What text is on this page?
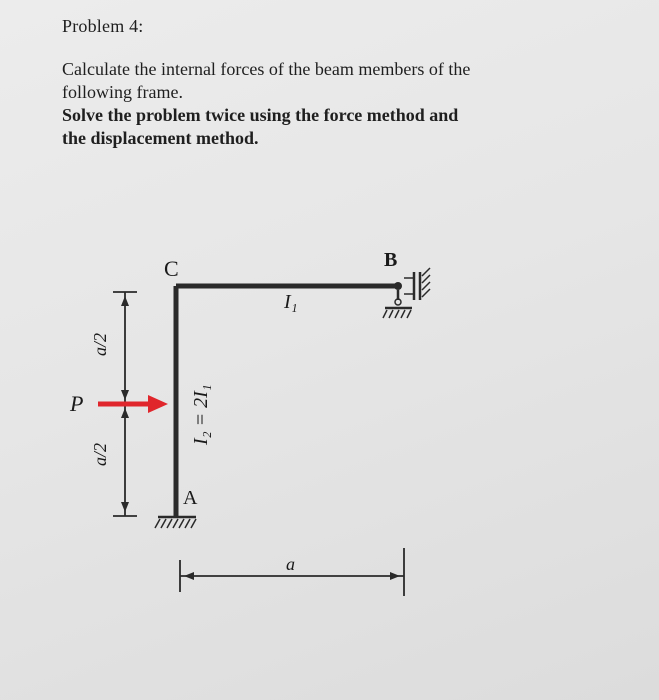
Problem 4:
Calculate the internal forces of the beam members of the
following frame.
Solve the problem twice using the force method and
the displacement method.
C	B
A
I₁
I₂ = 2I₁
P
a/2
a/2
a
